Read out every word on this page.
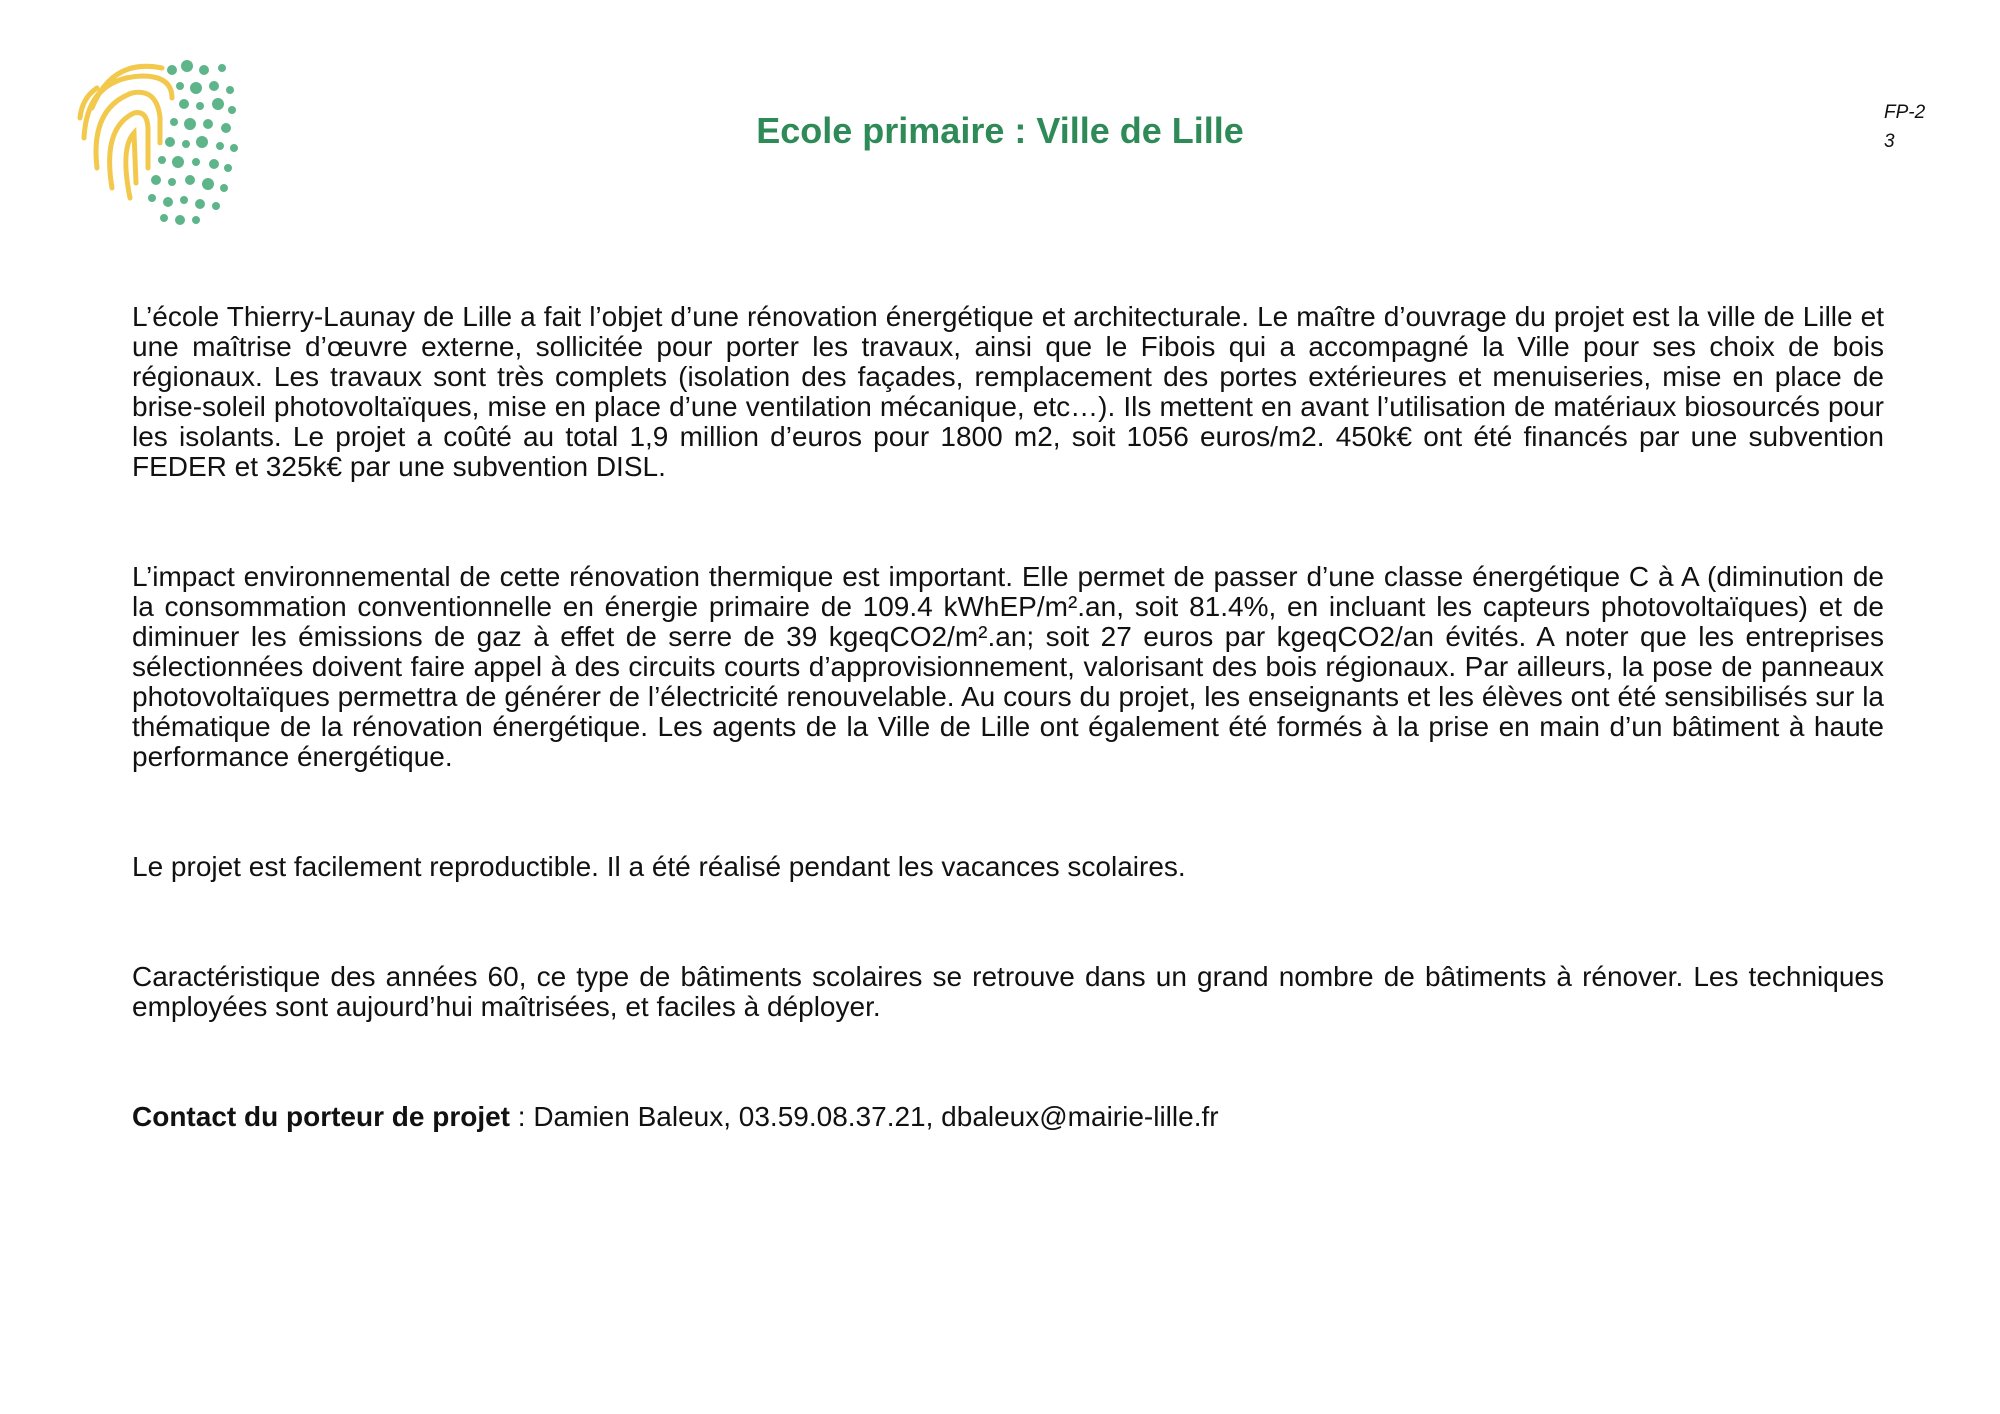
Ecole primaire : Ville de Lille	FP-2
3

L’école Thierry-Launay de Lille a fait l’objet d’une rénovation énergétique et architecturale. Le maître d’ouvrage du projet est la ville de Lille et une maîtrise d’œuvre externe, sollicitée pour porter les travaux, ainsi que le Fibois qui a accompagné la Ville pour ses choix de bois régionaux. Les travaux sont très complets (isolation des façades, remplacement des portes extérieures et menuiseries, mise en place de brise-soleil photovoltaïques, mise en place d’une ventilation mécanique, etc…). Ils mettent en avant l’utilisation de matériaux biosourcés pour les isolants. Le projet a coûté au total 1,9 million d’euros pour 1800 m2, soit 1056 euros/m2. 450k€ ont été financés par une subvention FEDER et 325k€ par une subvention DISL.

L’impact environnemental de cette rénovation thermique est important. Elle permet de passer d’une classe énergétique C à A (diminution de la consommation conventionnelle en énergie primaire de 109.4 kWhEP/m².an, soit 81.4%, en incluant les capteurs photovoltaïques) et de diminuer les émissions de gaz à effet de serre de 39 kgeqCO2/m².an; soit 27 euros par kgeqCO2/an évités. A noter que les entreprises sélectionnées doivent faire appel à des circuits courts d’approvisionnement, valorisant des bois régionaux. Par ailleurs, la pose de panneaux photovoltaïques permettra de générer de l’électricité renouvelable. Au cours du projet, les enseignants et les élèves ont été sensibilisés sur la thématique de la rénovation énergétique. Les agents de la Ville de Lille ont également été formés à la prise en main d’un bâtiment à haute performance énergétique.

Le projet est facilement reproductible. Il a été réalisé pendant les vacances scolaires.

Caractéristique des années 60, ce type de bâtiments scolaires se retrouve dans un grand nombre de bâtiments à rénover. Les techniques employées sont aujourd’hui maîtrisées, et faciles à déployer.

Contact du porteur de projet : Damien Baleux, 03.59.08.37.21, dbaleux@mairie-lille.fr
